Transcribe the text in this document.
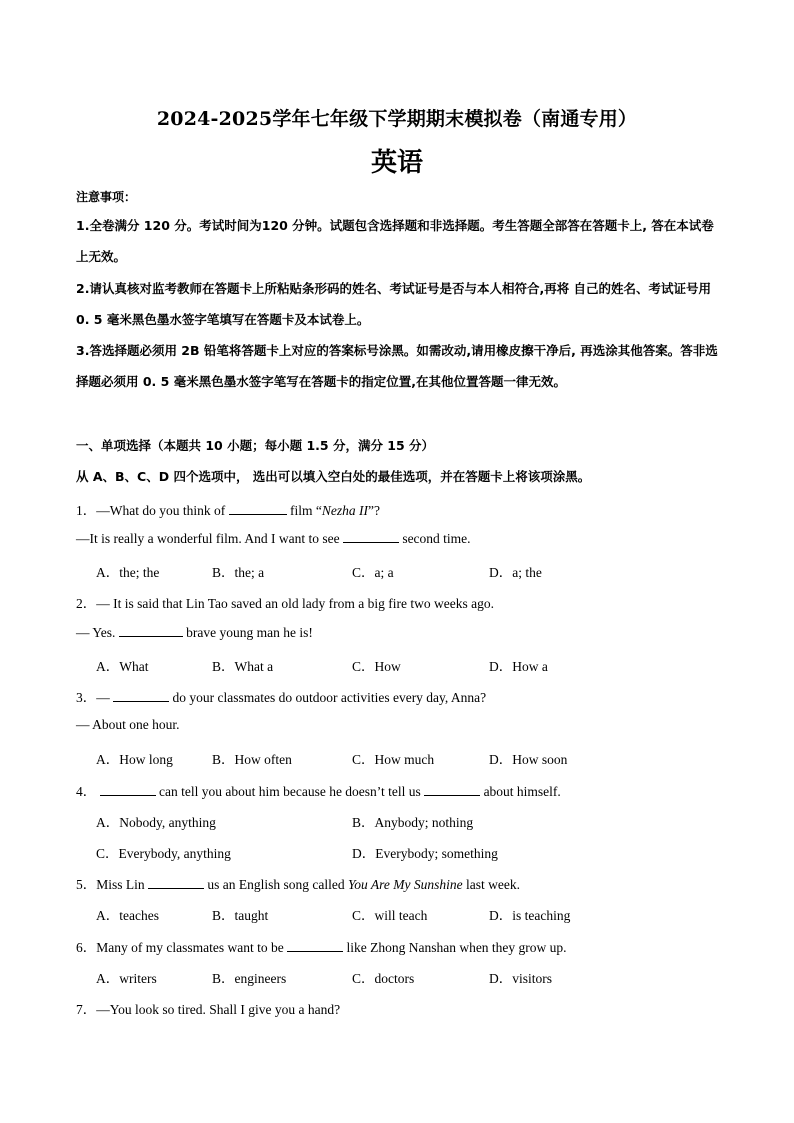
2024-2025学年七年级下学期期末模拟卷（南通专用）
英语
注意事项：
1.全卷满分 120 分。考试时间为120 分钟。试题包含选择题和非选择题。考生答题全部答在答题卡上, 答在本试卷上无效。
2.请认真核对监考教师在答题卡上所粘贴条形码的姓名、考试证号是否与本人相符合,再将 自己的姓名、考试证号用 0. 5 毫米黑色墨水签字笔填写在答题卡及本试卷上。
3.答选择题必须用 2B 铅笔将答题卡上对应的答案标号涂黑。如需改动,请用橡皮擦干净后, 再选涂其他答案。答非选择题必须用 0. 5 毫米黑色墨水签字笔写在答题卡的指定位置,在其他位置答题一律无效。
一、单项选择（本题共 10 小题；每小题 1.5 分，满分 15 分）
从 A、B、C、D 四个选项中， 选出可以填入空白处的最佳选项，并在答题卡上将该项涂黑。
1．—What do you think of	film “Nezha II”?
—It is really a wonderful film. And I want to see	second time.
A．the; the	B．the; a	C．a; a	D．a; the
2．— It is said that Lin Tao saved an old lady from a big fire two weeks ago.
— Yes.	brave young man he is!
A．What	B．What a	C．How	D．How a
3．—	do your classmates do outdoor activities every day, Anna?
— About one hour.
A．How long	B．How often	C．How much	D．How soon
4．	can tell you about him because he doesn’t tell us	about himself.
A．Nobody, anything	B．Anybody; nothing
C．Everybody, anything	D．Everybody; something
5．Miss Lin	us an English song called You Are My Sunshine last week.
A．teaches	B．taught	C．will teach	D．is teaching
6．Many of my classmates want to be	like Zhong Nanshan when they grow up.
A．writers	B．engineers	C．doctors	D．visitors
7．—You look so tired. Shall I give you a hand?
